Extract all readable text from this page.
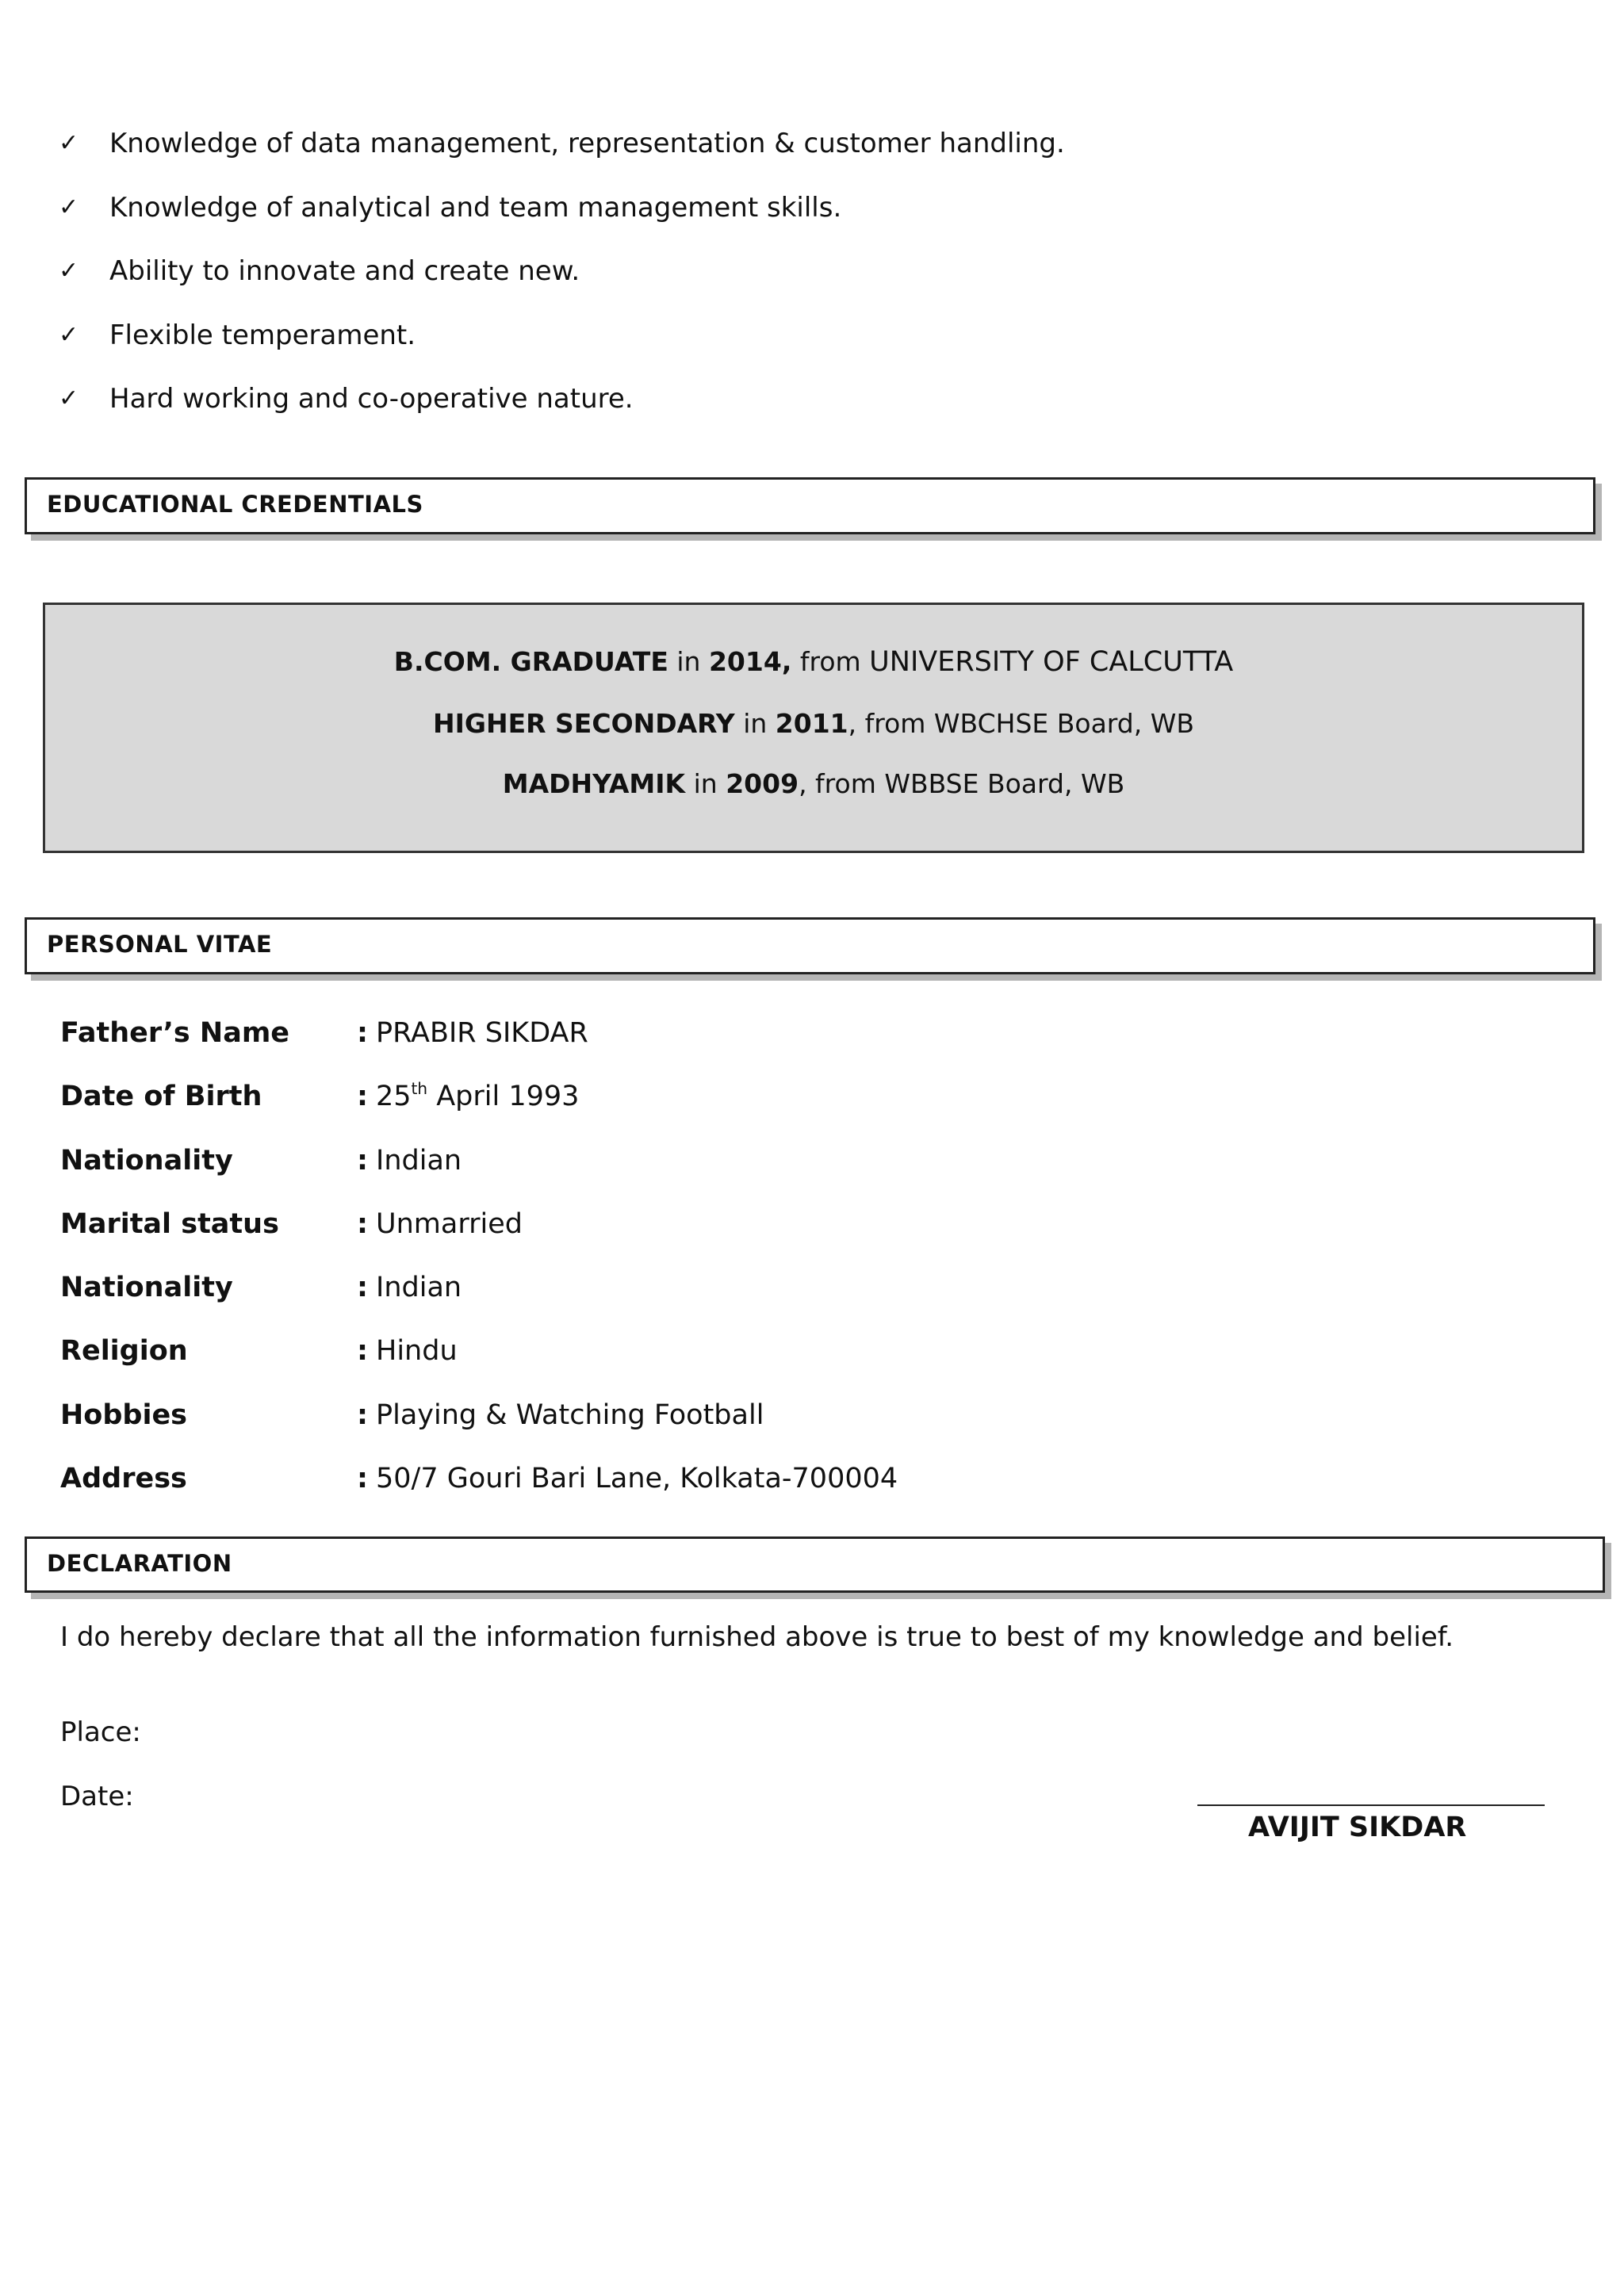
✓ Knowledge of data management, representation & customer handling.
✓ Knowledge of analytical and team management skills.
✓ Ability to innovate and create new.
✓ Flexible temperament.
✓ Hard working and co-operative nature.
EDUCATIONAL CREDENTIALS
B.COM. GRADUATE in 2014, from UNIVERSITY OF CALCUTTA
HIGHER SECONDARY in 2011, from WBCHSE Board, WB
MADHYAMIK in 2009, from WBBSE Board, WB
PERSONAL VITAE
Father’s Name : PRABIR SIKDAR
Date of Birth	: 25th April 1993
Nationality	: Indian
Marital status	: Unmarried
Nationality	: Indian
Religion	: Hindu
Hobbies	: Playing & Watching Football
Address	: 50/7 Gouri Bari Lane, Kolkata-700004
DECLARATION
I do hereby declare that all the information furnished above is true to best of my knowledge and belief.
Place:
Date:
AVIJIT SIKDAR
